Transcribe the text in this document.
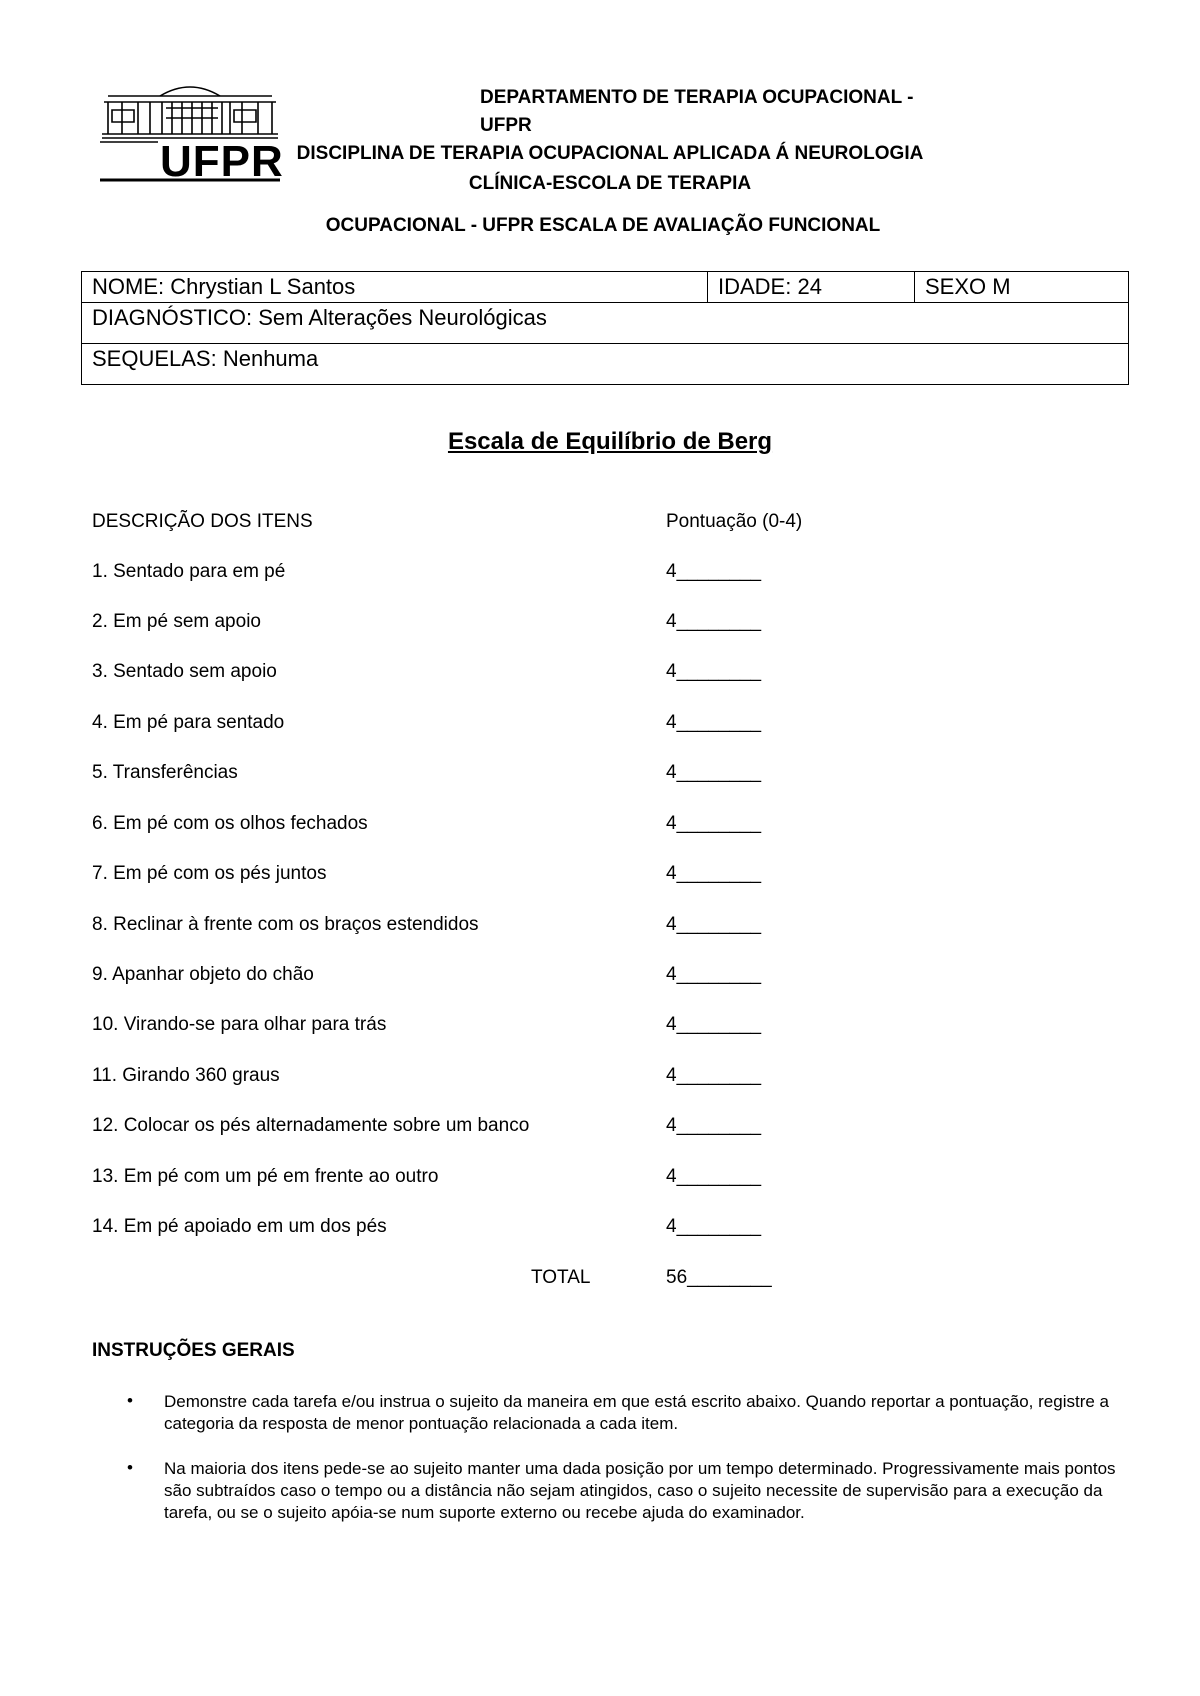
UFPR
DEPARTAMENTO DE TERAPIA OCUPACIONAL -
UFPR
DISCIPLINA DE TERAPIA OCUPACIONAL APLICADA Á NEUROLOGIA
CLÍNICA-ESCOLA DE TERAPIA
OCUPACIONAL - UFPR ESCALA DE AVALIAÇÃO FUNCIONAL
NOME: Chrystian L Santos	IDADE: 24	SEXO M
DIAGNÓSTICO: Sem Alterações Neurológicas
SEQUELAS: Nenhuma
Escala de Equilíbrio de Berg
DESCRIÇÃO DOS ITENS	Pontuação (0-4)
1. Sentado para em pé	4________
2. Em pé sem apoio	4________
3. Sentado sem apoio	4________
4. Em pé para sentado	4________
5. Transferências	4________
6. Em pé com os olhos fechados	4________
7. Em pé com os pés juntos	4________
8. Reclinar à frente com os braços estendidos	4________
9. Apanhar objeto do chão	4________
10. Virando-se para olhar para trás	4________
11. Girando 360 graus	4________
12. Colocar os pés alternadamente sobre um banco	4________
13. Em pé com um pé em frente ao outro	4________
14. Em pé apoiado em um dos pés	4________
TOTAL	56________
INSTRUÇÕES GERAIS
• Demonstre cada tarefa e/ou instrua o sujeito da maneira em que está escrito abaixo. Quando reportar a pontuação, registre a categoria da resposta de menor pontuação relacionada a cada item.
• Na maioria dos itens pede-se ao sujeito manter uma dada posição por um tempo determinado. Progressivamente mais pontos são subtraídos caso o tempo ou a distância não sejam atingidos, caso o sujeito necessite de supervisão para a execução da tarefa, ou se o sujeito apóia-se num suporte externo ou recebe ajuda do examinador.
